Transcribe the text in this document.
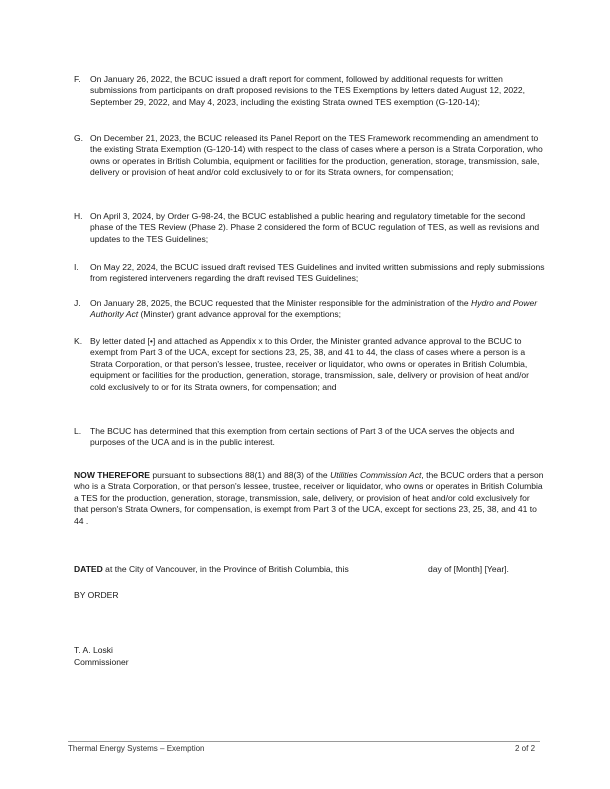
F. On January 26, 2022, the BCUC issued a draft report for comment, followed by additional requests for written submissions from participants on draft proposed revisions to the TES Exemptions by letters dated August 12, 2022, September 29, 2022, and May 4, 2023, including the existing Strata owned TES exemption (G-120-14);
G. On December 21, 2023, the BCUC released its Panel Report on the TES Framework recommending an amendment to the existing Strata Exemption (G-120-14) with respect to the class of cases where a person is a Strata Corporation, who owns or operates in British Columbia, equipment or facilities for the production, generation, storage, transmission, sale, delivery or provision of heat and/or cold exclusively to or for its Strata owners, for compensation;
H. On April 3, 2024, by Order G-98-24, the BCUC established a public hearing and regulatory timetable for the second phase of the TES Review (Phase 2). Phase 2 considered the form of BCUC regulation of TES, as well as revisions and updates to the TES Guidelines;
I. On May 22, 2024, the BCUC issued draft revised TES Guidelines and invited written submissions and reply submissions from registered interveners regarding the draft revised TES Guidelines;
J. On January 28, 2025, the BCUC requested that the Minister responsible for the administration of the Hydro and Power Authority Act (Minster) grant advance approval for the exemptions;
K. By letter dated [•] and attached as Appendix x to this Order, the Minister granted advance approval to the BCUC to exempt from Part 3 of the UCA, except for sections 23, 25, 38, and 41 to 44, the class of cases where a person is a Strata Corporation, or that person's lessee, trustee, receiver or liquidator, who owns or operates in British Columbia, equipment or facilities for the production, generation, storage, transmission, sale, delivery or provision of heat and/or cold exclusively to or for its Strata owners, for compensation; and
L. The BCUC has determined that this exemption from certain sections of Part 3 of the UCA serves the objects and purposes of the UCA and is in the public interest.
NOW THEREFORE pursuant to subsections 88(1) and 88(3) of the Utilities Commission Act, the BCUC orders that a person who is a Strata Corporation, or that person's lessee, trustee, receiver or liquidator, who owns or operates in British Columbia a TES for the production, generation, storage, transmission, sale, delivery, or provision of heat and/or cold exclusively for that person's Strata Owners, for compensation, is exempt from Part 3 of the UCA, except for sections 23, 25, 38, and 41 to 44 .
DATED at the City of Vancouver, in the Province of British Columbia, this	day of [Month] [Year].
BY ORDER
T. A. Loski
Commissioner
Thermal Energy Systems – Exemption	2 of 2
